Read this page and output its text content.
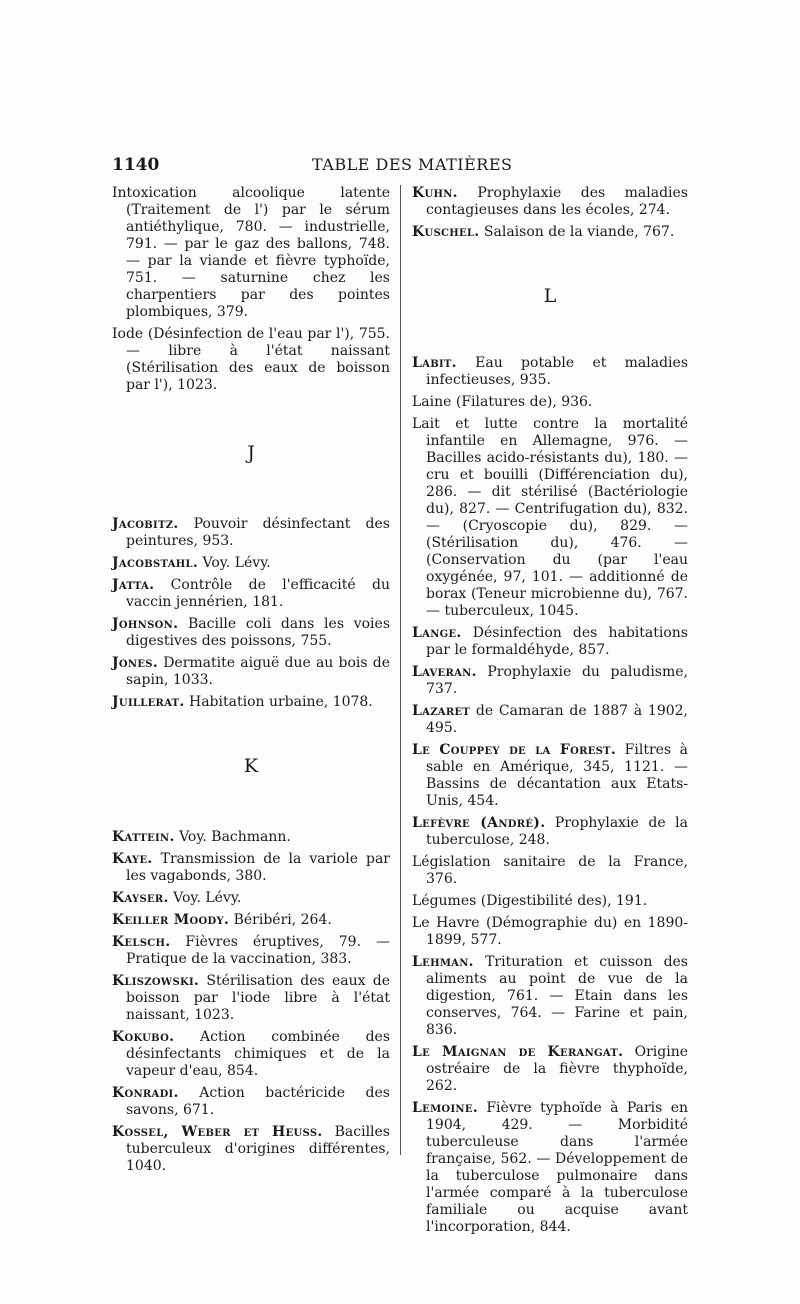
1140	TABLE DES MATIÈRES

Intoxication alcoolique latente (Traitement de l') par le sérum antiéthylique, 780. — industrielle, 791. — par le gaz des ballons, 748. — par la viande et fièvre typhoïde, 751. — saturnine chez les charpentiers par des pointes plombiques, 379.

Iode (Désinfection de l'eau par l'), 755. — libre à l'état naissant (Stérilisation des eaux de boisson par l'), 1023.

J

Jacobitz. Pouvoir désinfectant des peintures, 953.

Jacobstahl. Voy. Lévy.

Jatta. Contrôle de l'efficacité du vaccin jennérien, 181.

Johnson. Bacille coli dans les voies digestives des poissons, 755.

Jones. Dermatite aiguë due au bois de sapin, 1033.

Juillerat. Habitation urbaine, 1078.

K

Kattein. Voy. Bachmann.

Kaye. Transmission de la variole par les vagabonds, 380.

Kayser. Voy. Lévy.

Keiller Moody. Béribéri, 264.

Kelsch. Fièvres éruptives, 79. — Pratique de la vaccination, 383.

Kliszowski. Stérilisation des eaux de boisson par l'iode libre à l'état naissant, 1023.

Kokubo. Action combinée des désinfectants chimiques et de la vapeur d'eau, 854.

Konradi. Action bactéricide des savons, 671.

Kossel, Weber et Heuss. Bacilles tuberculeux d'origines différentes, 1040.

Kuhn. Prophylaxie des maladies contagieuses dans les écoles, 274.

Kuschel. Salaison de la viande, 767.

L

Labit. Eau potable et maladies infectieuses, 935.

Laine (Filatures de), 936.

Lait et lutte contre la mortalité infantile en Allemagne, 976. — Bacilles acido-résistants du), 180. — cru et bouilli (Différenciation du), 286. — dit stérilisé (Bactériologie du), 827. — Centrifugation du), 832. — (Cryoscopie du), 829. — (Stérilisation du), 476. — (Conservation du (par l'eau oxygénée, 97, 101. — additionné de borax (Teneur microbienne du), 767. — tuberculeux, 1045.

Lange. Désinfection des habitations par le formaldéhyde, 857.

Laveran. Prophylaxie du paludisme, 737.

Lazaret de Camaran de 1887 à 1902, 495.

Le Couppey de la Forest. Filtres à sable en Amérique, 345, 1121. — Bassins de décantation aux Etats-Unis, 454.

Lefèvre (André). Prophylaxie de la tuberculose, 248.

Législation sanitaire de la France, 376.

Légumes (Digestibilité des), 191.

Le Havre (Démographie du) en 1890-1899, 577.

Lehman. Trituration et cuisson des aliments au point de vue de la digestion, 761. — Etain dans les conserves, 764. — Farine et pain, 836.

Le Maignan de Kerangat. Origine ostréaire de la fièvre thyphoïde, 262.

Lemoine. Fièvre typhoïde à Paris en 1904, 429. — Morbidité tuberculeuse dans l'armée française, 562. — Développement de la tuberculose pulmonaire dans l'armée comparé à la tuberculose familiale ou acquise avant l'incorporation, 844.
